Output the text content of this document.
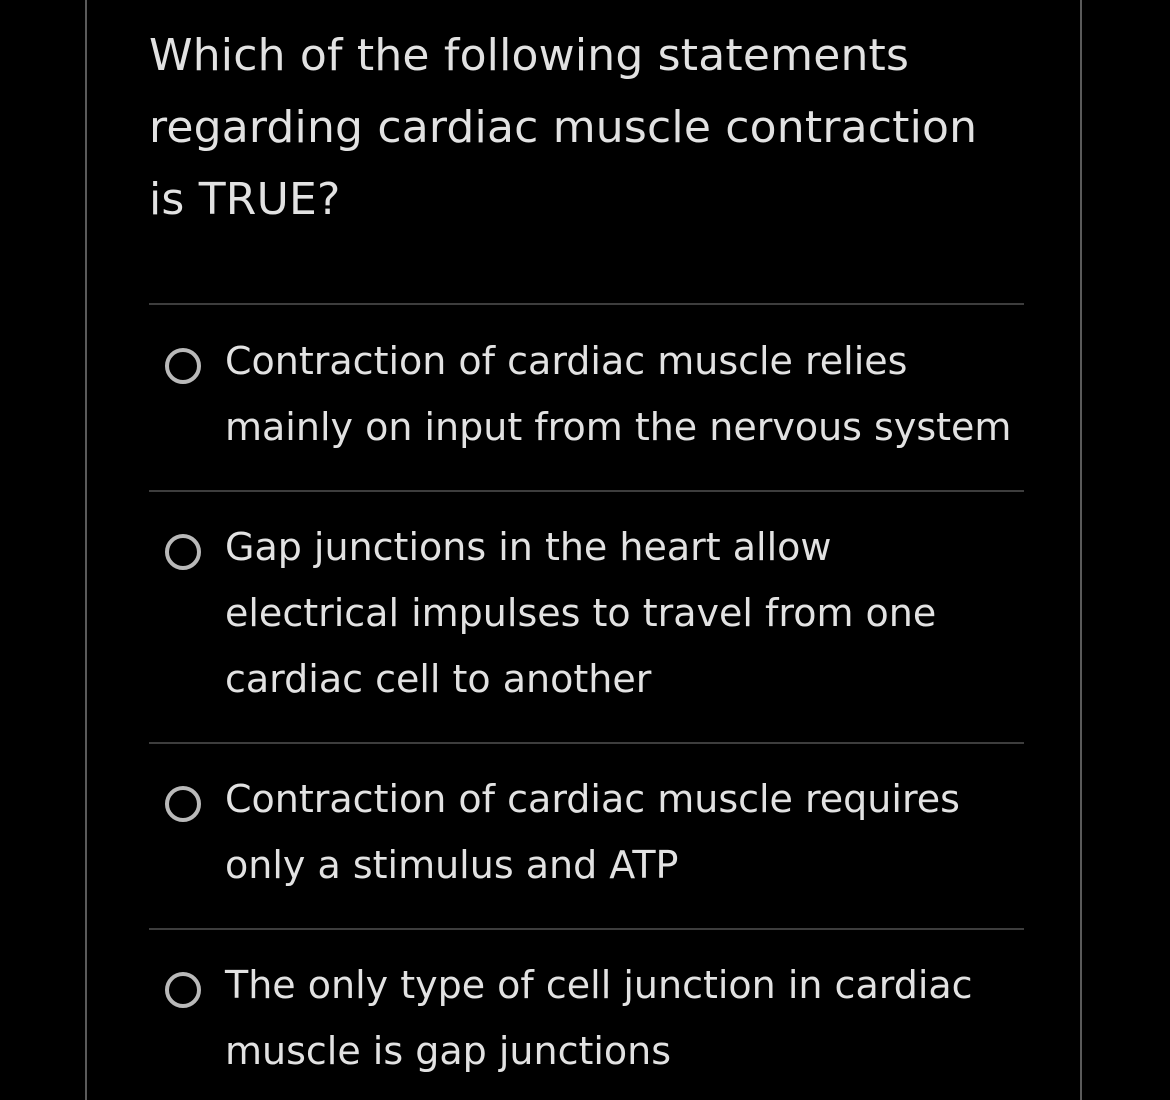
Which of the following statements regarding cardiac muscle contraction is TRUE?
Contraction of cardiac muscle relies mainly on input from the nervous system
Gap junctions in the heart allow electrical impulses to travel from one cardiac cell to another
Contraction of cardiac muscle requires only a stimulus and ATP
The only type of cell junction in cardiac muscle is gap junctions
